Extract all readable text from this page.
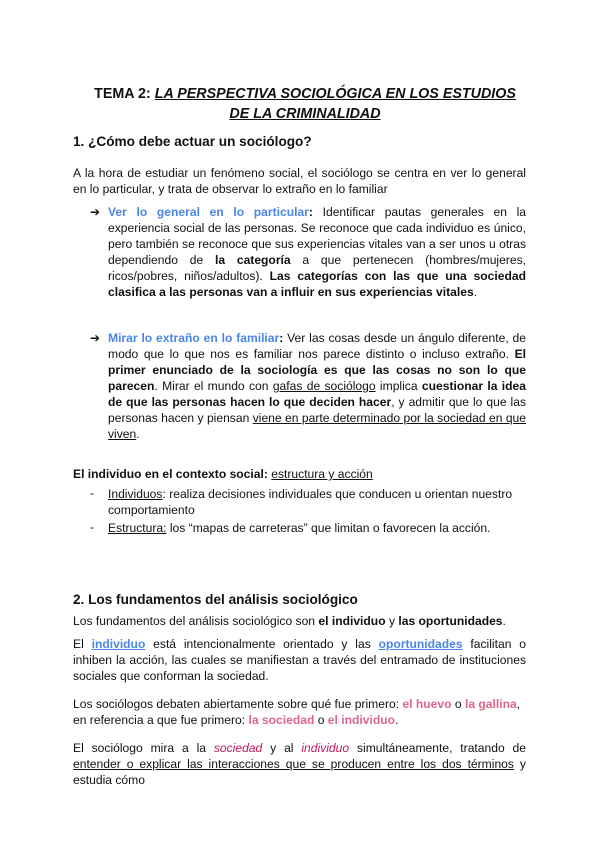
TEMA 2: LA PERSPECTIVA SOCIOLÓGICA EN LOS ESTUDIOS
DE LA CRIMINALIDAD
1. ¿Cómo debe actuar un sociólogo?

A la hora de estudiar un fenómeno social, el sociólogo se centra en ver lo general en lo particular, y trata de observar lo extraño en lo familiar

➔ Ver lo general en lo particular: Identificar pautas generales en la experiencia social de las personas. Se reconoce que cada individuo es único, pero también se reconoce que sus experiencias vitales van a ser unos u otras dependiendo de la categoría a que pertenecen (hombres/mujeres, ricos/pobres, niños/adultos). Las categorías con las que una sociedad clasifica a las personas van a influir en sus experiencias vitales.

➔ Mirar lo extraño en lo familiar: Ver las cosas desde un ángulo diferente, de modo que lo que nos es familiar nos parece distinto o incluso extraño. El primer enunciado de la sociología es que las cosas no son lo que parecen. Mirar el mundo con gafas de sociólogo implica cuestionar la idea de que las personas hacen lo que deciden hacer, y admitir que lo que las personas hacen y piensan viene en parte determinado por la sociedad en que viven.

El individuo en el contexto social: estructura y acción

- Individuos: realiza decisiones individuales que conducen u orientan nuestro comportamiento

- Estructura: los “mapas de carreteras” que limitan o favorecen la acción.

2. Los fundamentos del análisis sociológico

Los fundamentos del análisis sociológico son el individuo y las oportunidades.

El individuo está intencionalmente orientado y las oportunidades facilitan o inhiben la acción, las cuales se manifiestan a través del entramado de instituciones sociales que conforman la sociedad.

Los sociólogos debaten abiertamente sobre qué fue primero: el huevo o la gallina, en referencia a que fue primero: la sociedad o el individuo.

El sociólogo mira a la sociedad y al individuo simultáneamente, tratando de entender o explicar las interacciones que se producen entre los dos términos y estudia cómo
